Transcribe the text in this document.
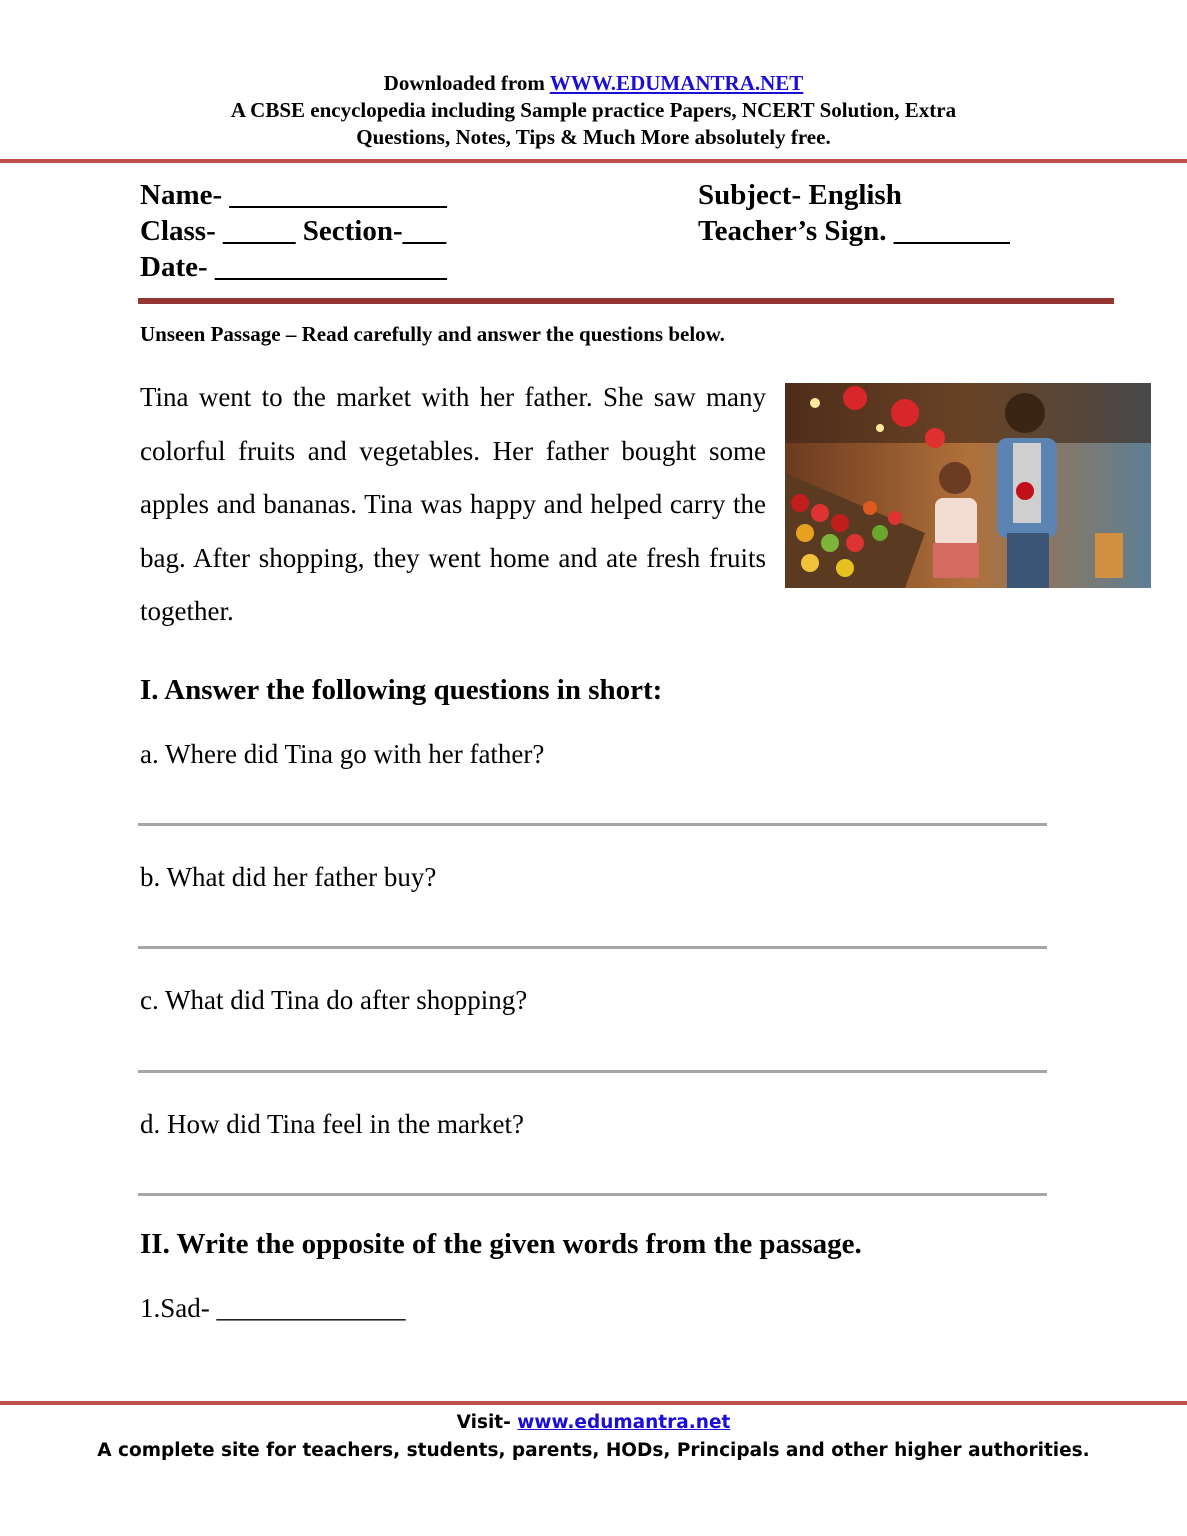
Downloaded from WWW.EDUMANTRA.NET
A CBSE encyclopedia including Sample practice Papers, NCERT Solution, Extra
Questions, Notes, Tips & Much More absolutely free.
Name- _______________
Class- _____ Section-___
Date- ________________
Subject- English
Teacher’s Sign. ________
Unseen Passage – Read carefully and answer the questions below.
Tina went to the market with her father. She saw many colorful fruits and vegetables. Her father bought some apples and bananas. Tina was happy and helped carry the bag. After shopping, they went home and ate fresh fruits together.
I. Answer the following questions in short:
a. Where did Tina go with her father?
b. What did her father buy?
c. What did Tina do after shopping?
d. How did Tina feel in the market?
II. Write the opposite of the given words from the passage.
1.Sad- ______________
Visit- www.edumantra.net
A complete site for teachers, students, parents, HODs, Principals and other higher authorities.
